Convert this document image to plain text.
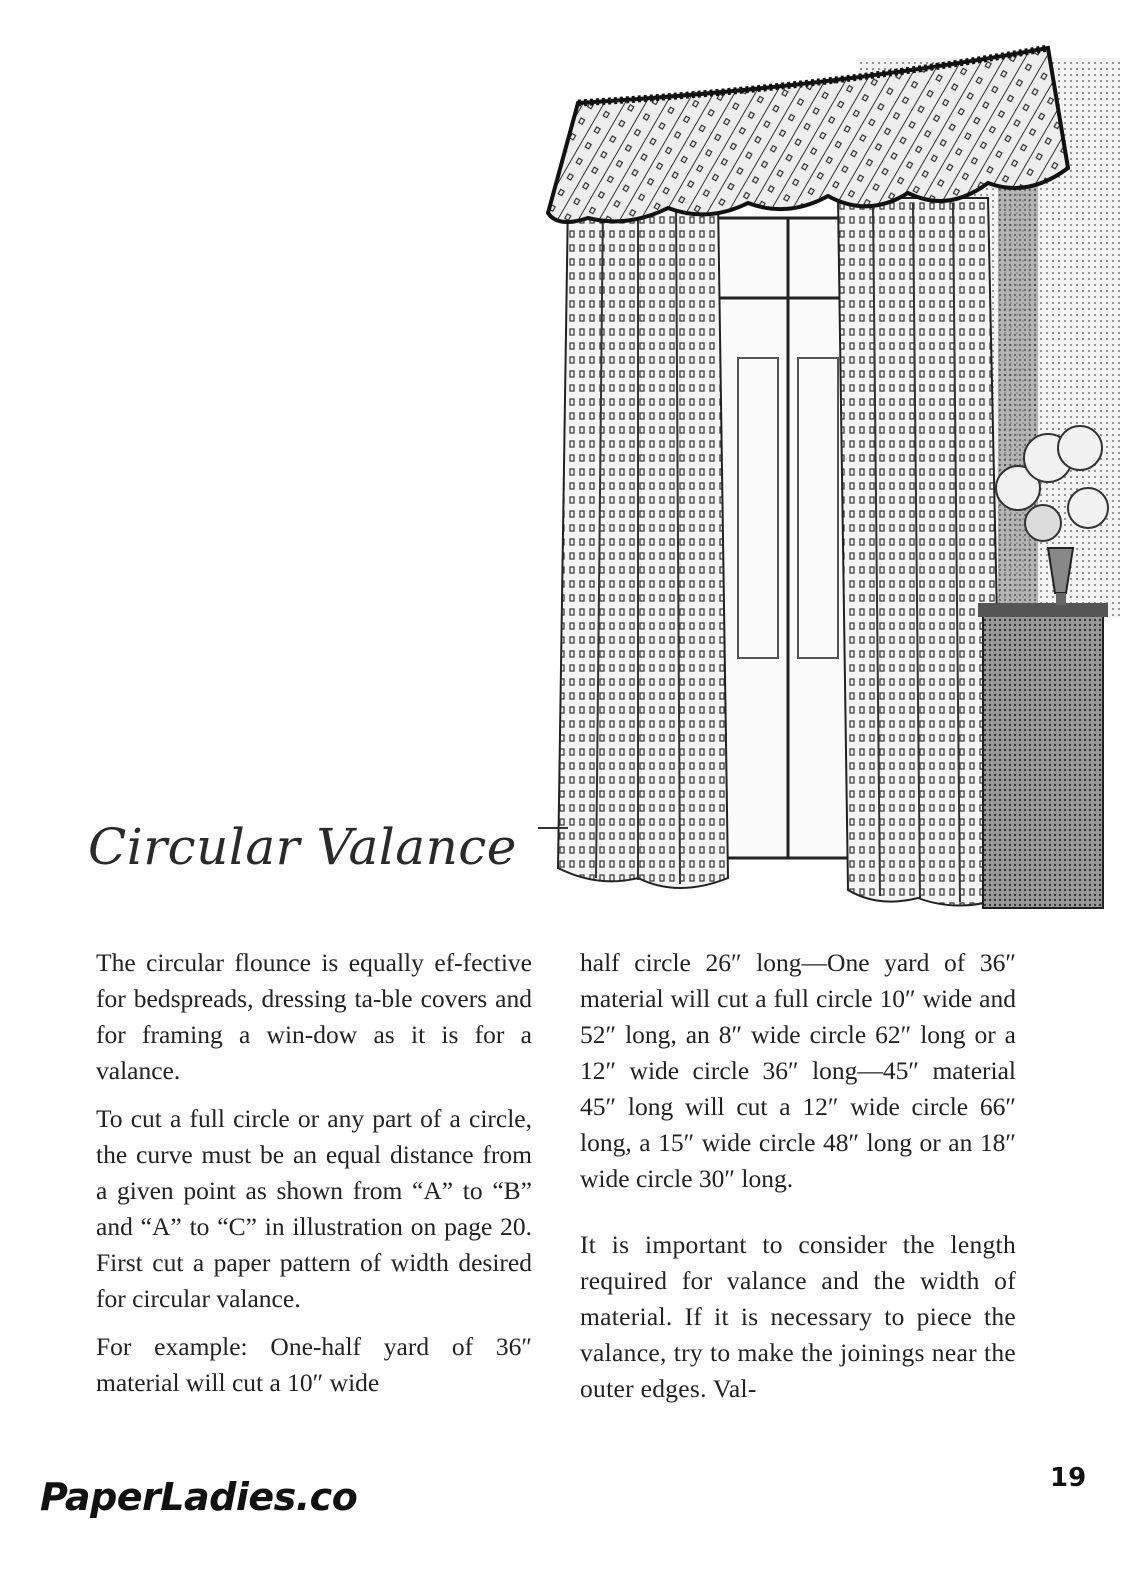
Circular Valance

The circular flounce is equally ef-fective for bedspreads, dressing ta-ble covers and for framing a win-dow as it is for a valance.

To cut a full circle or any part of a circle, the curve must be an equal distance from a given point as shown from “A” to “B” and “A” to “C” in illustration on page 20. First cut a paper pattern of width desired for circular valance.

For example: One-half yard of 36″ material will cut a 10″ wide

half circle 26″ long—One yard of 36″ material will cut a full circle 10″ wide and 52″ long, an 8″ wide circle 62″ long or a 12″ wide circle 36″ long—45″ material 45″ long will cut a 12″ wide circle 66″ long, a 15″ wide circle 48″ long or an 18″ wide circle 30″ long.

It is important to consider the length required for valance and the width of material. If it is necessary to piece the valance, try to make the joinings near the outer edges. Val-

PaperLadies.co	19
